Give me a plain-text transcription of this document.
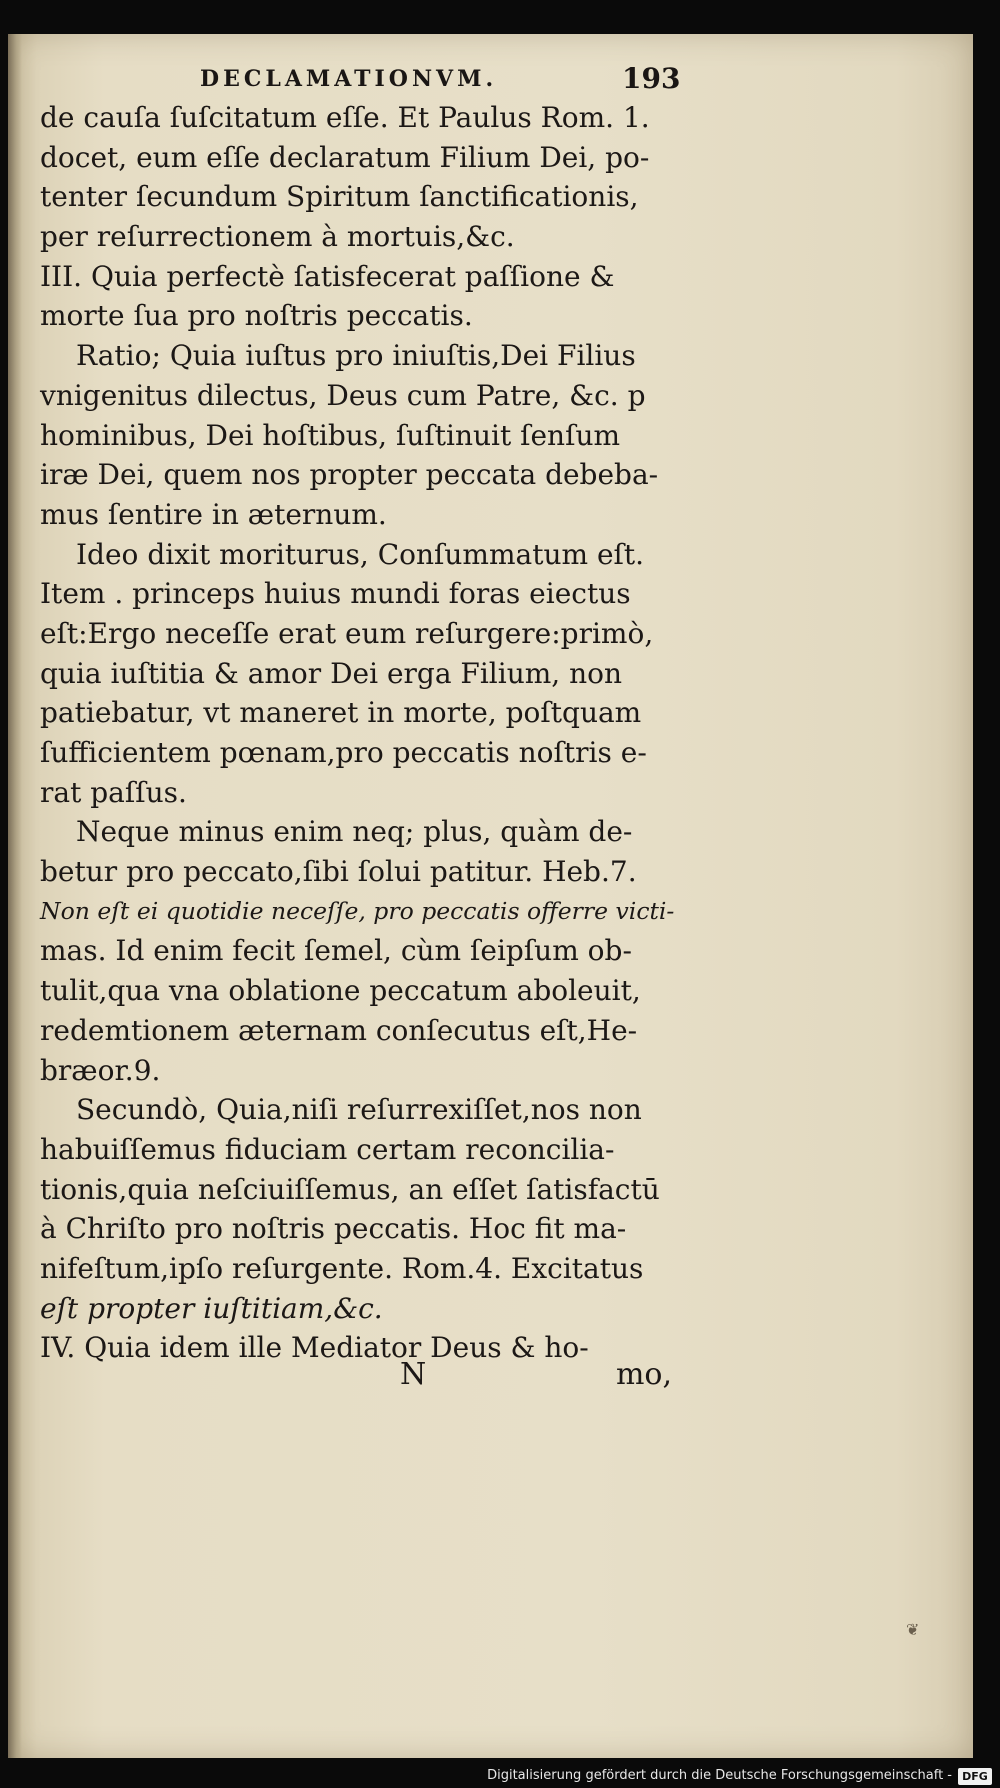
DECLAMATIONVM.	193
de cauſa ſuſcitatum eſſe. Et Paulus Rom. 1.
docet, eum eſſe declaratum Filium Dei, po-
tenter ſecundum Spiritum ſanctificationis,
per reſurrectionem à mortuis,&c.
III. Quia perfectè ſatisfecerat paſſione &
morte ſua pro noſtris peccatis.
Ratio; Quia iuſtus pro iniuſtis,Dei Filius
vnigenitus dilectus, Deus cum Patre, &c. p
hominibus, Dei hoſtibus, ſuſtinuit ſenſum
iræ Dei, quem nos propter peccata debeba-
mus ſentire in æternum.
Ideo dixit moriturus, Conſummatum eſt.
Item . princeps huius mundi foras eiectus
eſt:Ergo neceſſe erat eum reſurgere:primò,
quia iuſtitia & amor Dei erga Filium, non
patiebatur, vt maneret in morte, poſtquam
ſufficientem pœnam,pro peccatis noſtris e-
rat paſſus.
Neque minus enim neq; plus, quàm de-
betur pro peccato,ſibi ſolui patitur. Heb.7.
Non eſt ei quotidie neceſſe, pro peccatis offerre victi-
mas. Id enim fecit ſemel, cùm ſeipſum ob-
tulit,qua vna oblatione peccatum aboleuit,
redemtionem æternam conſecutus eſt,He-
bræor.9.
Secundò, Quia,niſi reſurrexiſſet,nos non
habuiſſemus fiduciam certam reconcilia-
tionis,quia neſciuiſſemus, an eſſet ſatisfactū
à Chriſto pro noſtris peccatis. Hoc fit ma-
nifeſtum,ipſo reſurgente. Rom.4. Excitatus
eſt propter iuſtitiam,&c.
IV. Quia idem ille Mediator Deus & ho-
N	mo,
❦
Digitalisierung gefördert durch die Deutsche Forschungsgemeinschaft - DFG
